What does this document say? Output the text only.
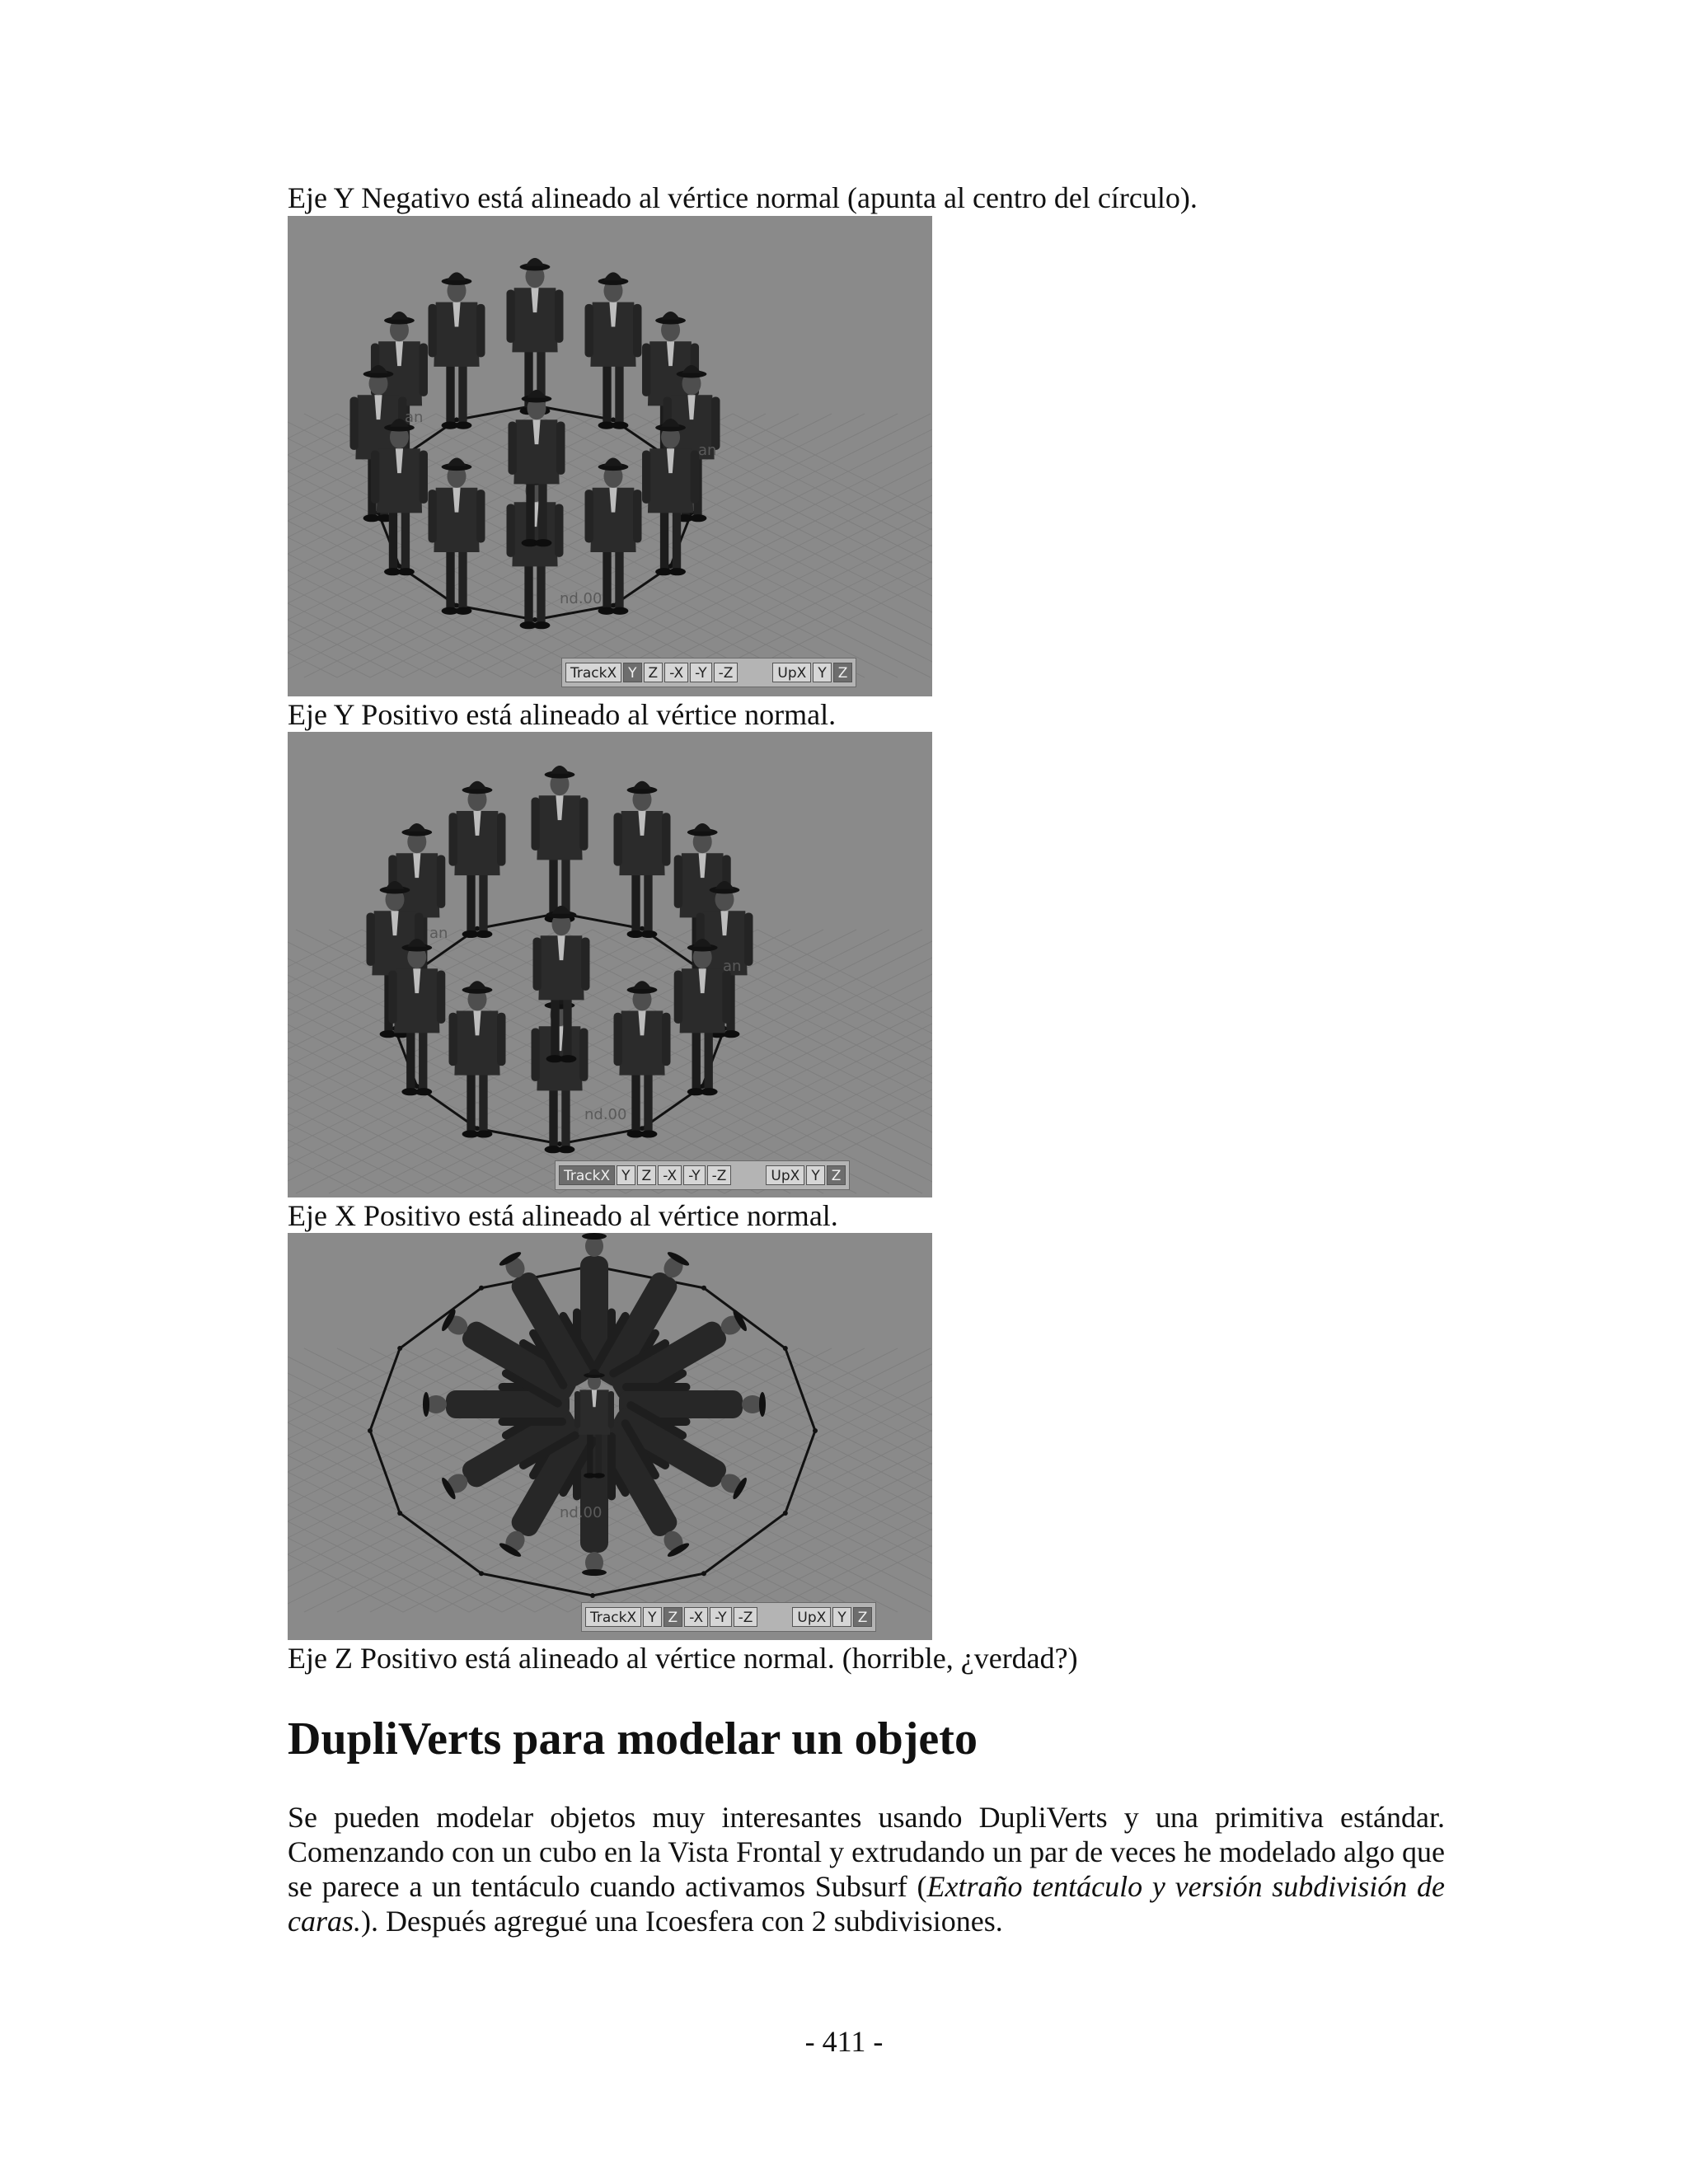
Eje Y Negativo está alineado al vértice normal (apunta al centro del círculo).

an
an
nd.00
TrackX Y Z -X -Y -Z	UpX Y Z

Eje Y Positivo está alineado al vértice normal.

an
an
nd.00
TrackX Y Z -X -Y -Z	UpX Y Z

Eje X Positivo está alineado al vértice normal.

nd.00
TrackX Y Z -X -Y -Z	UpX Y Z

Eje Z Positivo está alineado al vértice normal. (horrible, ¿verdad?)

DupliVerts para modelar un objeto

Se pueden modelar objetos muy interesantes usando DupliVerts y una primitiva estándar. Comenzando con un cubo en la Vista Frontal y extrudando un par de veces he modelado algo que se parece a un tentáculo cuando activamos Subsurf (Extraño tentáculo y versión subdivisión de caras.). Después agregué una Icoesfera con 2 subdivisiones.

- 411 -
